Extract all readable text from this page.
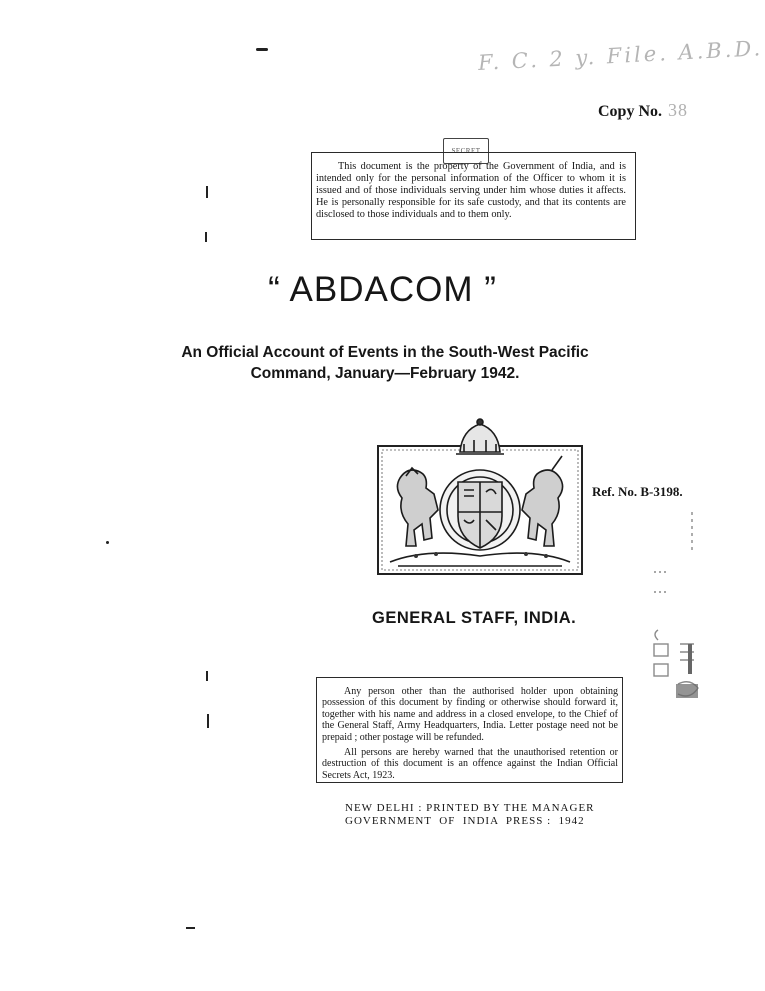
F. C. 2 y. File. A.B.D.
Copy No. 38
SECRET

This document is the property of the Government of India, and is intended only for the personal information of the Officer to whom it is issued and of those individuals serving under him whose duties it affects. He is personally responsible for its safe custody, and that its contents are disclosed to those individuals and to them only.

“ ABDACOM ”
An Official Account of Events in the South-West Pacific
Command, January—February 1942.
Ref. No. B-3198.
GENERAL STAFF, INDIA.

Any person other than the authorised holder upon obtaining possession of this document by finding or otherwise should forward it, together with his name and address in a closed envelope, to the Chief of the General Staff, Army Headquarters, India. Letter postage need not be prepaid ; other postage will be refunded.

All persons are hereby warned that the unauthorised retention or destruction of this document is an offence against the Indian Official Secrets Act, 1923.

NEW DELHI : PRINTED BY THE MANAGER
GOVERNMENT  OF  INDIA  PRESS :  1942
